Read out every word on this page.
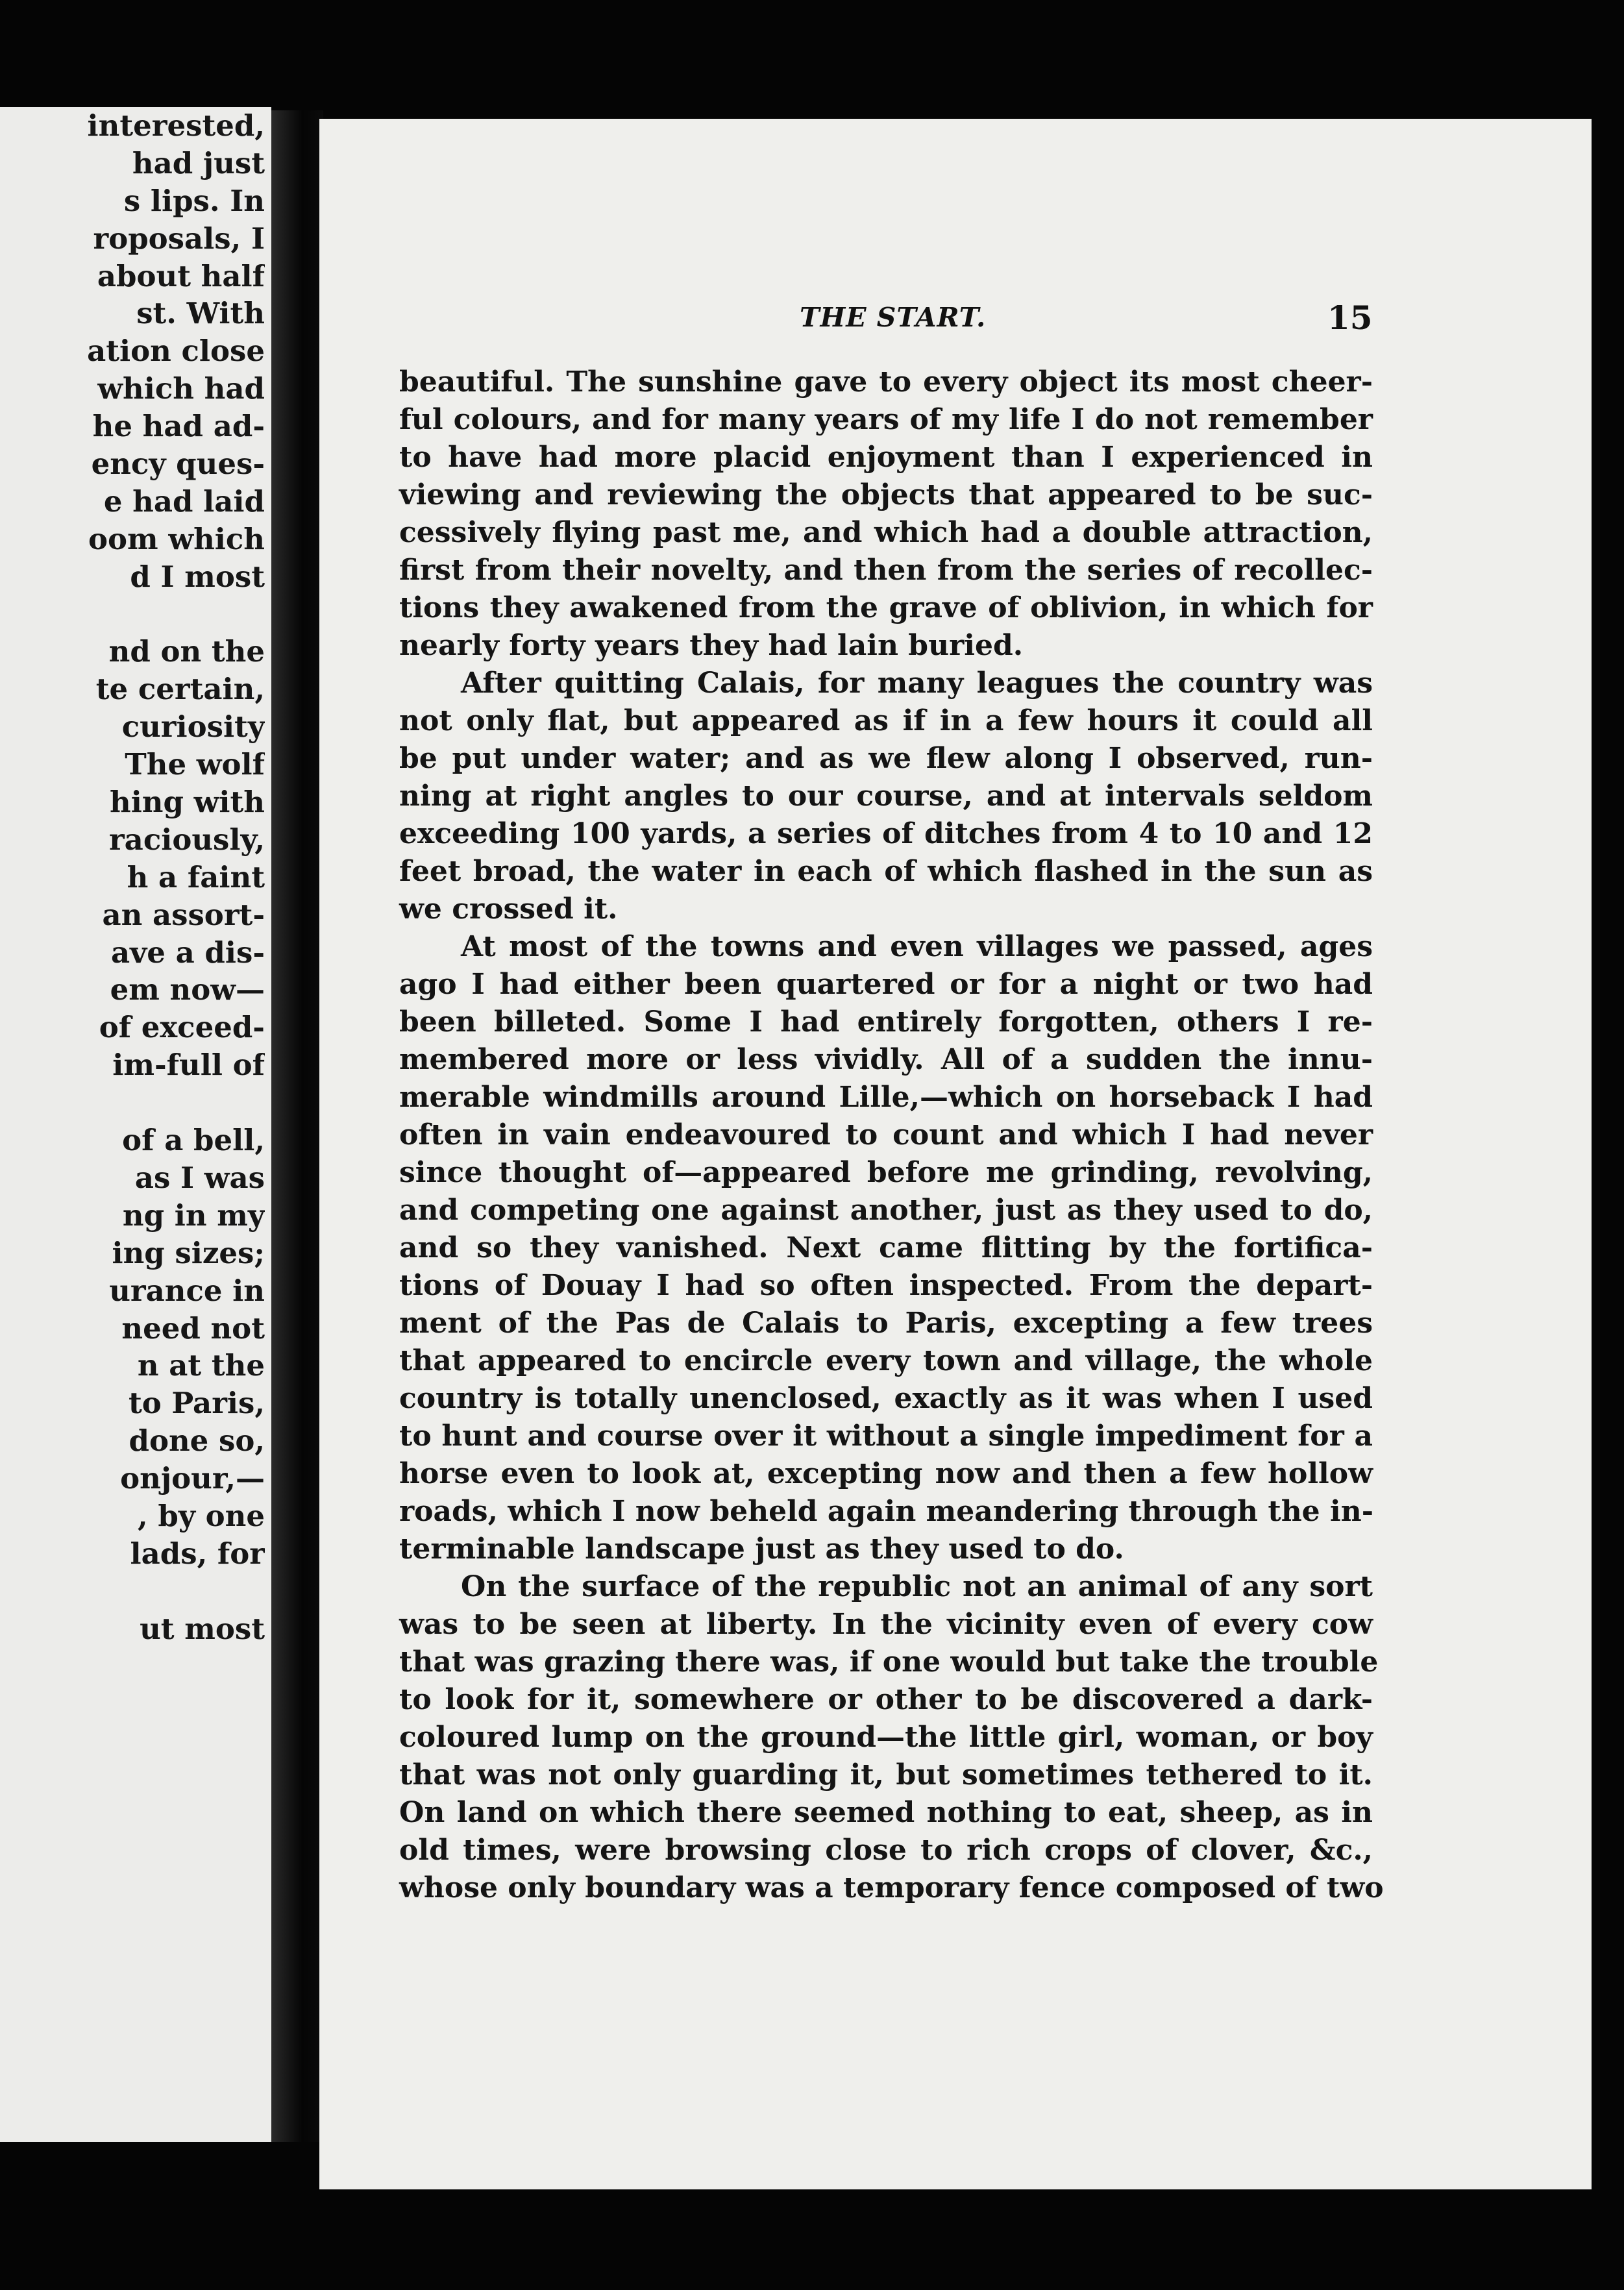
interested,
had just
s lips. In
roposals, I
about half
st. With
ation close
which had
he had ad-
ency ques-
e had laid
oom which
d I most
nd on the
te certain,
curiosity
The wolf
hing with
raciously,
h a faint
an assort-
ave a dis-
em now—
of exceed-
im-full of
of a bell,
as I was
ng in my
ing sizes;
urance in
need not
n at the
to Paris,
done so,
onjour,—
, by one
lads, for
ut most
THE START.	15
beautiful. The sunshine gave to every object its most cheer-
ful colours, and for many years of my life I do not remember
to have had more placid enjoyment than I experienced in
viewing and reviewing the objects that appeared to be suc-
cessively flying past me, and which had a double attraction,
first from their novelty, and then from the series of recollec-
tions they awakened from the grave of oblivion, in which for
nearly forty years they had lain buried.
After quitting Calais, for many leagues the country was
not only flat, but appeared as if in a few hours it could all
be put under water; and as we flew along I observed, run-
ning at right angles to our course, and at intervals seldom
exceeding 100 yards, a series of ditches from 4 to 10 and 12
feet broad, the water in each of which flashed in the sun as
we crossed it.
At most of the towns and even villages we passed, ages
ago I had either been quartered or for a night or two had
been billeted. Some I had entirely forgotten, others I re-
membered more or less vividly. All of a sudden the innu-
merable windmills around Lille,—which on horseback I had
often in vain endeavoured to count and which I had never
since thought of—appeared before me grinding, revolving,
and competing one against another, just as they used to do,
and so they vanished. Next came flitting by the fortifica-
tions of Douay I had so often inspected. From the depart-
ment of the Pas de Calais to Paris, excepting a few trees
that appeared to encircle every town and village, the whole
country is totally unenclosed, exactly as it was when I used
to hunt and course over it without a single impediment for a
horse even to look at, excepting now and then a few hollow
roads, which I now beheld again meandering through the in-
terminable landscape just as they used to do.
On the surface of the republic not an animal of any sort
was to be seen at liberty. In the vicinity even of every cow
that was grazing there was, if one would but take the trouble
to look for it, somewhere or other to be discovered a dark-
coloured lump on the ground—the little girl, woman, or boy
that was not only guarding it, but sometimes tethered to it.
On land on which there seemed nothing to eat, sheep, as in
old times, were browsing close to rich crops of clover, &c.,
whose only boundary was a temporary fence composed of two
